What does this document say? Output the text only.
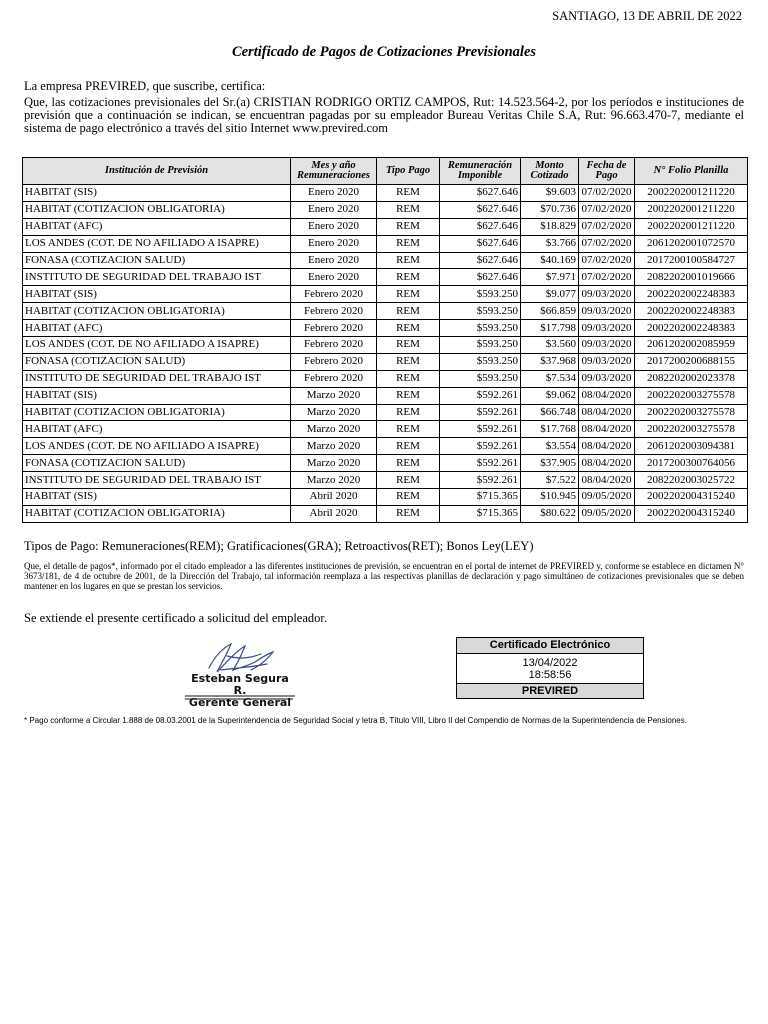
SANTIAGO, 13 DE ABRIL DE 2022
Certificado de Pagos de Cotizaciones Previsionales
La empresa PREVIRED, que suscribe, certifica:
Que, las cotizaciones previsionales del Sr.(a) CRISTIAN RODRIGO ORTIZ CAMPOS, Rut: 14.523.564-2, por los períodos e instituciones de previsión que a continuación se indican, se encuentran pagadas por su empleador Bureau Veritas Chile S.A, Rut: 96.663.470-7, mediante el sistema de pago electrónico a través del sitio Internet www.previred.com
Institución de Previsión	Mes y año Remuneraciones	Tipo Pago	Remuneración Imponible	Monto Cotizado	Fecha de Pago	N° Folio Planilla
HABITAT (SIS)	Enero 2020	REM	$627.646	$9.603	07/02/2020	2002202001211220
HABITAT (COTIZACION OBLIGATORIA)	Enero 2020	REM	$627.646	$70.736	07/02/2020	2002202001211220
HABITAT (AFC)	Enero 2020	REM	$627.646	$18.829	07/02/2020	2002202001211220
LOS ANDES (COT. DE NO AFILIADO A ISAPRE)	Enero 2020	REM	$627.646	$3.766	07/02/2020	2061202001072570
FONASA (COTIZACION SALUD)	Enero 2020	REM	$627.646	$40.169	07/02/2020	2017200100584727
INSTITUTO DE SEGURIDAD DEL TRABAJO IST	Enero 2020	REM	$627.646	$7.971	07/02/2020	2082202001019666
HABITAT (SIS)	Febrero 2020	REM	$593.250	$9.077	09/03/2020	2002202002248383
HABITAT (COTIZACION OBLIGATORIA)	Febrero 2020	REM	$593.250	$66.859	09/03/2020	2002202002248383
HABITAT (AFC)	Febrero 2020	REM	$593.250	$17.798	09/03/2020	2002202002248383
LOS ANDES (COT. DE NO AFILIADO A ISAPRE)	Febrero 2020	REM	$593.250	$3.560	09/03/2020	2061202002085959
FONASA (COTIZACION SALUD)	Febrero 2020	REM	$593.250	$37.968	09/03/2020	2017200200688155
INSTITUTO DE SEGURIDAD DEL TRABAJO IST	Febrero 2020	REM	$593.250	$7.534	09/03/2020	2082202002023378
HABITAT (SIS)	Marzo 2020	REM	$592.261	$9.062	08/04/2020	2002202003275578
HABITAT (COTIZACION OBLIGATORIA)	Marzo 2020	REM	$592.261	$66.748	08/04/2020	2002202003275578
HABITAT (AFC)	Marzo 2020	REM	$592.261	$17.768	08/04/2020	2002202003275578
LOS ANDES (COT. DE NO AFILIADO A ISAPRE)	Marzo 2020	REM	$592.261	$3.554	08/04/2020	2061202003094381
FONASA (COTIZACION SALUD)	Marzo 2020	REM	$592.261	$37.905	08/04/2020	2017200300764056
INSTITUTO DE SEGURIDAD DEL TRABAJO IST	Marzo 2020	REM	$592.261	$7.522	08/04/2020	2082202003025722
HABITAT (SIS)	Abril 2020	REM	$715.365	$10.945	09/05/2020	2002202004315240
HABITAT (COTIZACION OBLIGATORIA)	Abril 2020	REM	$715.365	$80.622	09/05/2020	2002202004315240
Tipos de Pago: Remuneraciones(REM); Gratificaciones(GRA); Retroactivos(RET); Bonos Ley(LEY)
Que, el detalle de pagos*, informado por el citado empleador a las diferentes instituciones de previsión, se encuentran en el portal de internet de PREVIRED y, conforme se establece en dictamen N° 3673/181, de 4 de octubre de 2001, de la Dirección del Trabajo, tal información reemplaza a las respectivas planillas de declaración y pago simultáneo de cotizaciones previsionales que se deben mantener en los lugares en que se prestan los servicios.
Se extiende el presente certificado a solicitud del empleador.
Esteban Segura R.
Gerente General
Certificado Electrónico
13/04/2022
18:58:56
PREVIRED
* Pago conforme a Circular 1.888 de 08.03.2001 de la Superintendencia de Seguridad Social y letra B, Título VIII, Libro II del Compendio de Normas de la Superintendencia de Pensiones.
